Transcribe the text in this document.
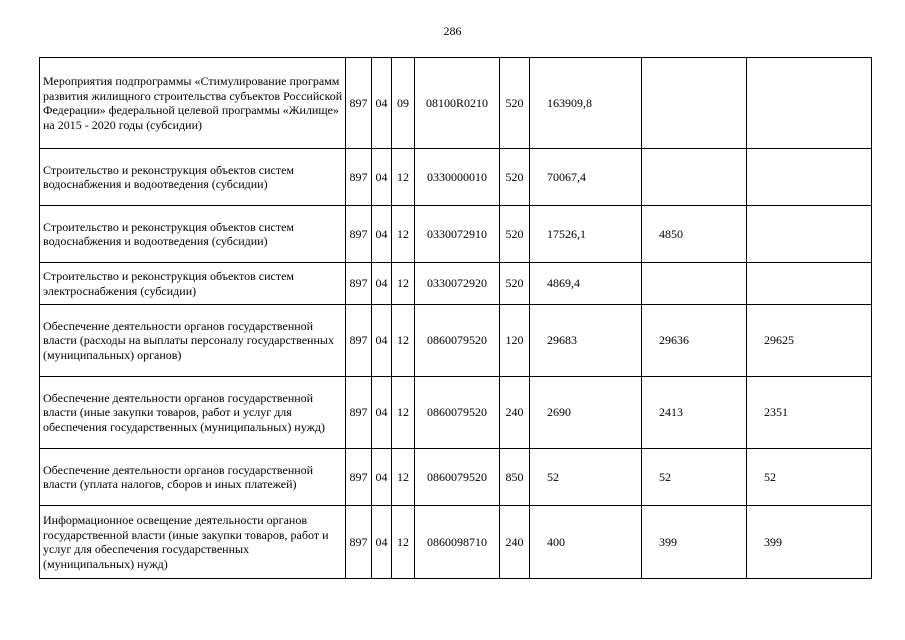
286
Мероприятия подпрограммы «Стимулирование программ развития жилищного строительства субъектов Российской Федерации» федеральной целевой программы «Жилище» на 2015 - 2020 годы (субсидии)	897	04	09	08100R0210	520	163909,8		
Строительство и реконструкция объектов систем водоснабжения и водоотведения (субсидии)	897	04	12	0330000010	520	70067,4		
Строительство и реконструкция объектов систем водоснабжения и водоотведения (субсидии)	897	04	12	0330072910	520	17526,1	4850	
Строительство и реконструкция объектов систем электроснабжения (субсидии)	897	04	12	0330072920	520	4869,4		
Обеспечение деятельности органов государственной власти (расходы на выплаты персоналу государственных (муниципальных) органов)	897	04	12	0860079520	120	29683	29636	29625
Обеспечение деятельности органов государственной власти (иные закупки товаров, работ и услуг для обеспечения государственных (муниципальных) нужд)	897	04	12	0860079520	240	2690	2413	2351
Обеспечение деятельности органов государственной власти (уплата налогов, сборов и иных платежей)	897	04	12	0860079520	850	52	52	52
Информационное освещение деятельности органов государственной власти (иные закупки товаров, работ и услуг для обеспечения государственных (муниципальных) нужд)	897	04	12	0860098710	240	400	399	399
